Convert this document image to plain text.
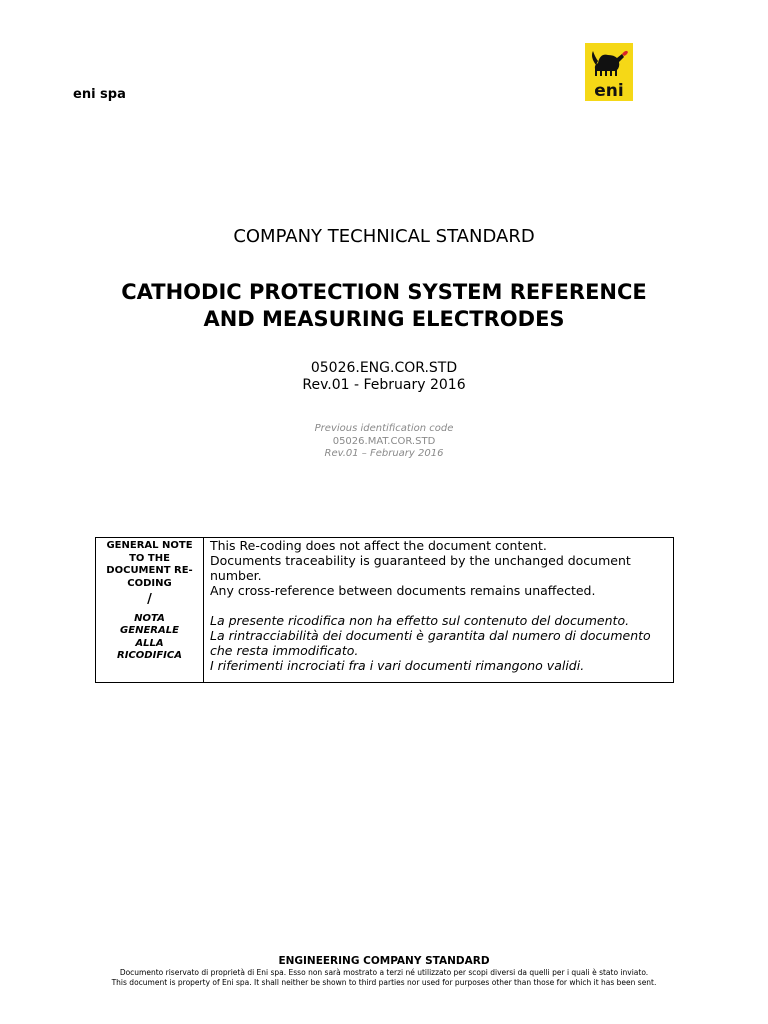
eni spa	eni
COMPANY TECHNICAL STANDARD
CATHODIC PROTECTION SYSTEM REFERENCE
AND MEASURING ELECTRODES
05026.ENG.COR.STD
Rev.01 - February 2016
Previous identification code
05026.MAT.COR.STD
Rev.01 – February 2016
GENERAL NOTE
TO THE
DOCUMENT RE-
CODING
/
NOTA
GENERALE
ALLA
RICODIFICA
This Re-coding does not affect the document content.
Documents traceability is guaranteed by the unchanged document
number.
Any cross-reference between documents remains unaffected.
La presente ricodifica non ha effetto sul contenuto del documento.
La rintracciabilità dei documenti è garantita dal numero di documento
che resta immodificato.
I riferimenti incrociati fra i vari documenti rimangono validi.
ENGINEERING COMPANY STANDARD
Documento riservato di proprietà di Eni spa. Esso non sarà mostrato a terzi né utilizzato per scopi diversi da quelli per i quali è stato inviato.
This document is property of Eni spa. It shall neither be shown to third parties nor used for purposes other than those for which it has been sent.
